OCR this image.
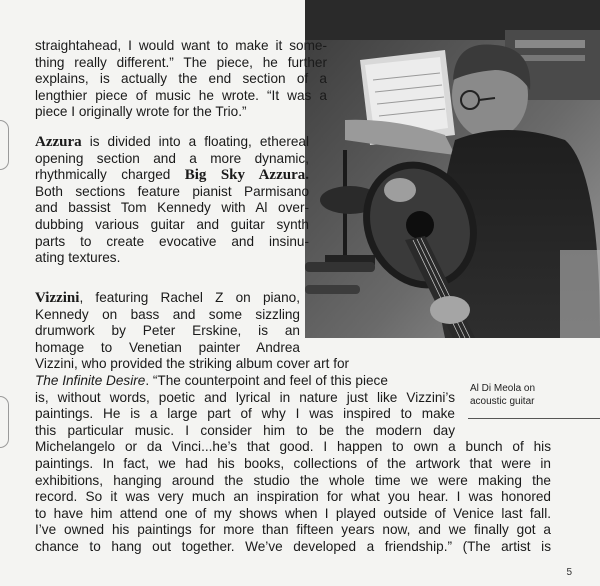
Al Di Meola on
acoustic guitar
straightahead, I would want to make it some-
thing really different.” The piece, he further
explains, is actually the end section of a
lengthier piece of music he wrote. “It was a
piece I originally wrote for the Trio.”
Azzura is divided into a floating, ethereal
opening section and a more dynamic,
rhythmically charged Big Sky Azzura.
Both sections feature pianist Parmisano
and bassist Tom Kennedy with Al over-
dubbing various guitar and guitar synth
parts to create evocative and insinu-
ating textures.
Vizzini, featuring Rachel Z on piano,
Kennedy on bass and some sizzling
drumwork by Peter Erskine, is an
homage to Venetian painter Andrea
Vizzini, who provided the striking album cover art for
The Infinite Desire. “The counterpoint and feel of this piece
is, without words, poetic and lyrical in nature just like Vizzini’s
paintings. He is a large part of why I was inspired to make
this particular music. I consider him to be the modern day
Michelangelo or da Vinci...he’s that good. I happen to own a bunch of his
paintings. In fact, we had his books, collections of the artwork that were in
exhibitions, hanging around the studio the whole time we were making the
record. So it was very much an inspiration for what you hear. I was honored
to have him attend one of my shows when I played outside of Venice last fall.
I’ve owned his paintings for more than fifteen years now, and we finally got a
chance to hang out together. We’ve developed a friendship.” (The artist is
5
